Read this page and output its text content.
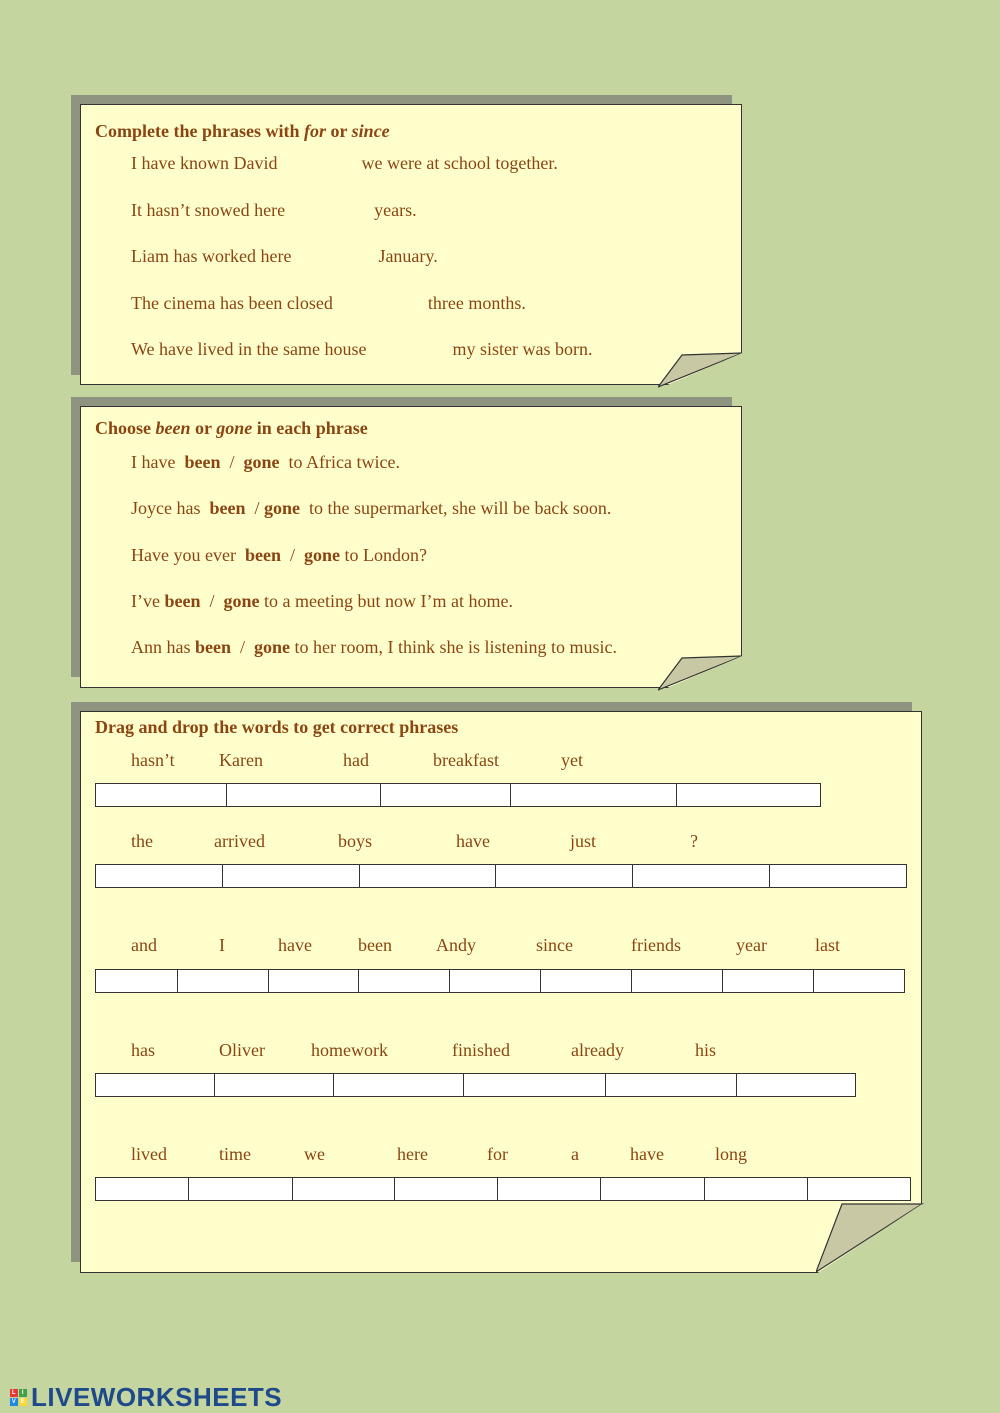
Complete the phrases with for or since
I have known David	we were at school together.
It hasn’t snowed here	years.
Liam has worked here	January.
The cinema has been closed	three months.
We have lived in the same house	my sister was born.
Choose been or gone in each phrase
I have been / gone to Africa twice.
Joyce has been / gone to the supermarket, she will be back soon.
Have you ever been / gone to London?
I’ve been / gone to a meeting but now I’m at home.
Ann has been / gone to her room, I think she is listening to music.
Drag and drop the words to get correct phrases
hasn’t Karen	had	breakfast	yet
the	arrived	boys	have	just	?
and	I	have	been Andy	since	friends	year	last
has	Oliver	homework	finished	already	his
lived	time	we	here	for	a	have	long
L I
V E LIVEWORKSHEETS
